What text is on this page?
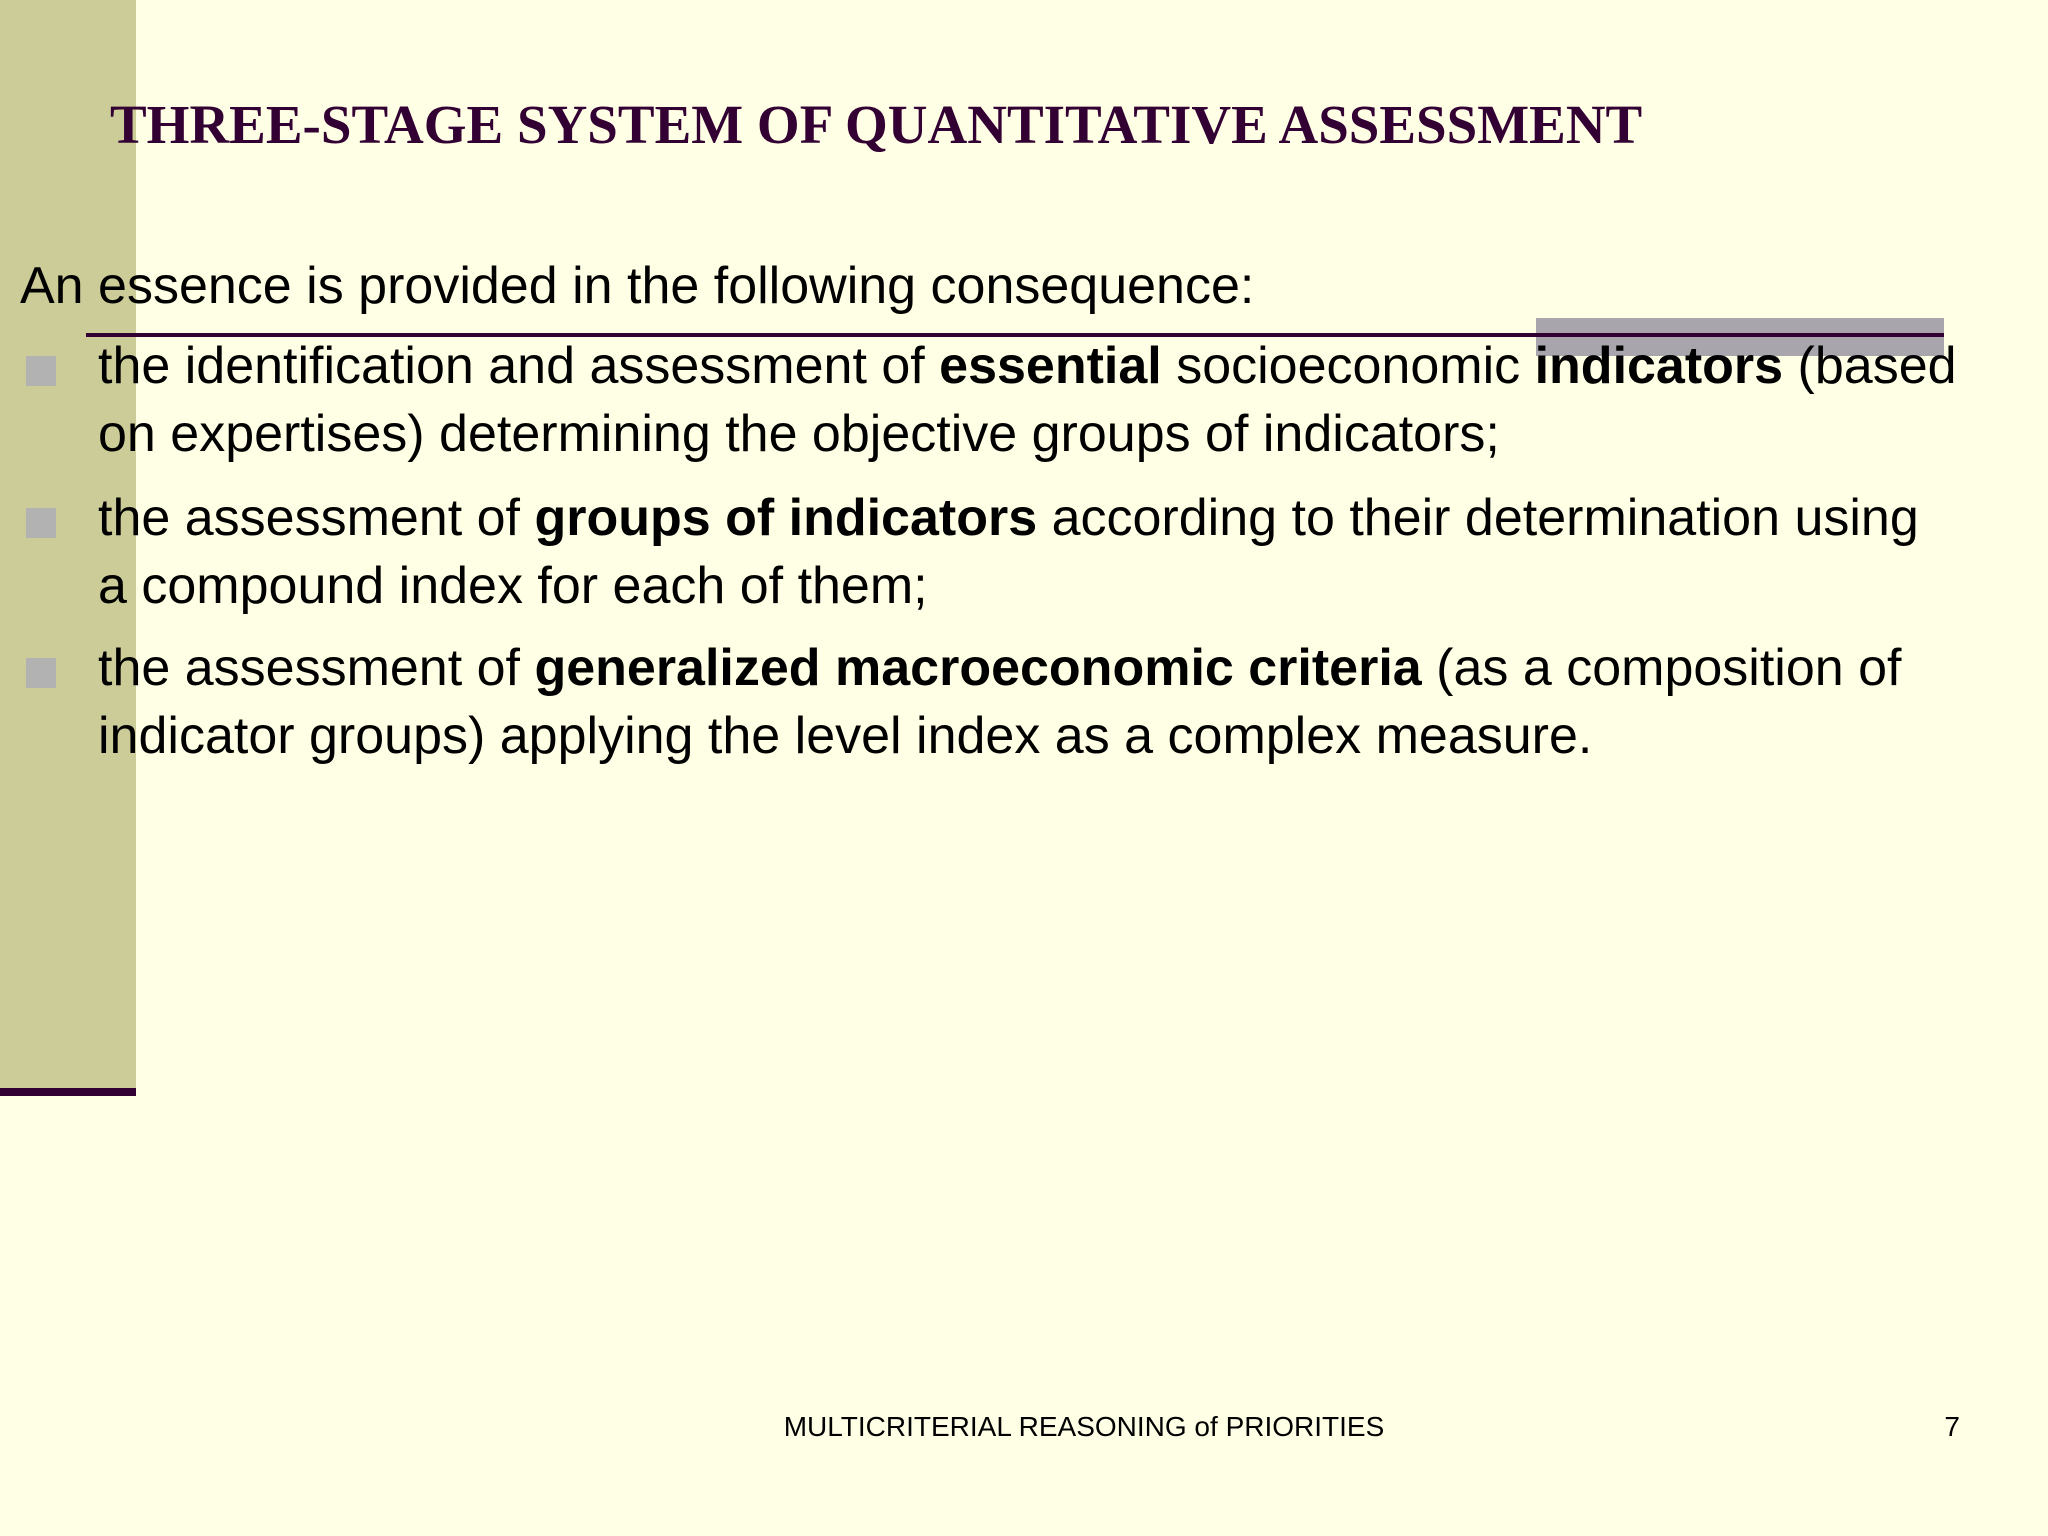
THREE-STAGE SYSTEM OF QUANTITATIVE ASSESSMENT

An essence is provided in the following consequence:

the identification and assessment of essential socioeconomic indicators (based on expertises) determining the objective groups of indicators;
the assessment of groups of indicators according to their determination using a compound index for each of them;
the assessment of generalized macroeconomic criteria (as a composition of indicator groups) applying the level index as a complex measure.
MULTICRITERIAL REASONING of PRIORITIES	7
